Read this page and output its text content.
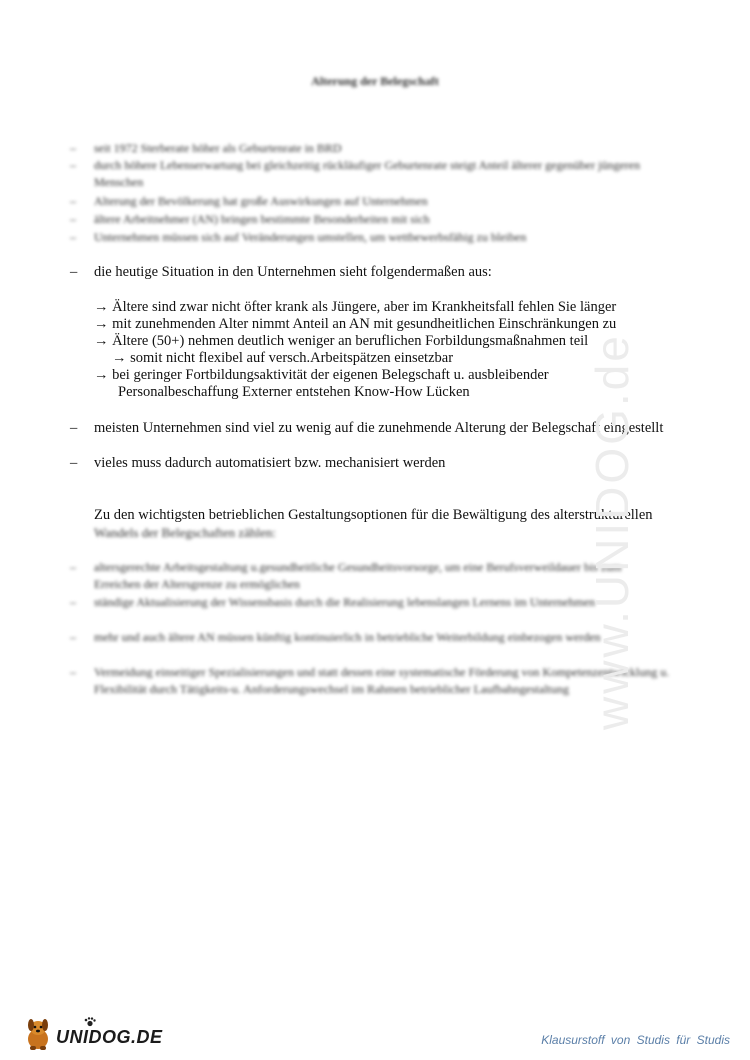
Alterung der Belegschaft
– seit 1972 Sterberate höher als Geburtenrate in BRD
– durch höhere Lebenserwartung bei gleichzeitig rückläufiger Geburtenrate steigt Anteil älterer gegenüber jüngeren Menschen
– Alterung der Bevölkerung hat große Auswirkungen auf Unternehmen
– ältere Arbeitnehmer (AN) bringen bestimmte Besonderheiten mit sich
– Unternehmen müssen sich auf Veränderungen umstellen, um wettbewerbsfähig zu bleiben
– die heutige Situation in den Unternehmen sieht folgendermaßen aus:
→ Ältere sind zwar nicht öfter krank als Jüngere, aber im Krankheitsfall fehlen Sie länger
→ mit zunehmenden Alter nimmt Anteil an AN mit gesundheitlichen Einschränkungen zu
→ Ältere (50+) nehmen deutlich weniger an beruflichen Forbildungsmaßnahmen teil
→ somit nicht flexibel auf versch.Arbeitspätzen einsetzbar
→ bei geringer Fortbildungsaktivität der eigenen Belegschaft u. ausbleibender
Personalbeschaffung Externer entstehen Know-How Lücken
– meisten Unternehmen sind viel zu wenig auf die zunehmende Alterung der Belegschaft eingestellt
– vieles muss dadurch automatisiert bzw. mechanisiert werden
Zu den wichtigsten betrieblichen Gestaltungsoptionen für die Bewältigung des alterstrukturellen
Wandels der Belegschaften zählen:
– altersgerechte Arbeitsgestaltung u.gesundheitliche Gesundheitsvorsorge, um eine Berufsverweildauer bis zum Erreichen der Altersgrenze zu ermöglichen
– ständige Aktualisierung der Wissensbasis durch die Realisierung lebenslangen Lernens im Unternehmen
– mehr und auch ältere AN müssen künftig kontinuierlich in betriebliche Weiterbildung einbezogen werden
– Vermeidung einseitiger Spezialisierungen und statt dessen eine systematische Förderung von Kompetenzentwicklung u. Flexibilität durch Tätigkeits-u. Anforderungswechsel im Rahmen betrieblicher Laufbahngestaltung www.UNIDOG.de
UNIDOG.DE	Klausurstoff von Studis für Studis
